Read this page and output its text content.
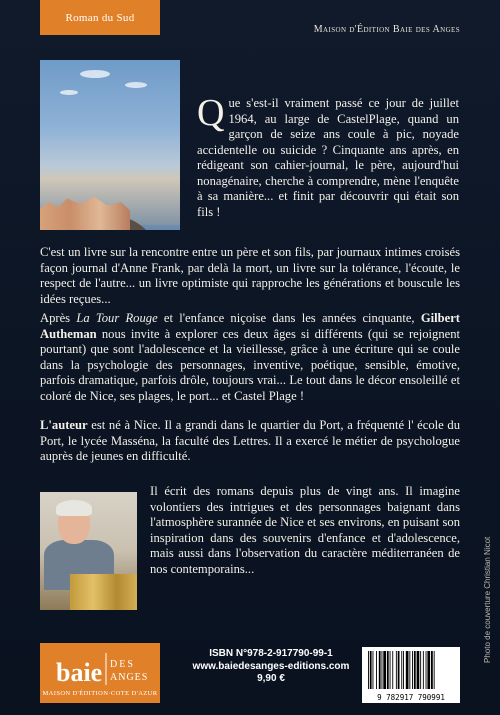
Roman du Sud
Maison d'Édition Baie des Anges
Que s'est-il vraiment passé ce jour de juillet 1964, au large de CastelPlage, quand un garçon de seize ans coule à pic, noyade accidentelle ou suicide ? Cinquante ans après, en rédigeant son cahier-journal, le père, aujourd'hui nonagénaire, cherche à comprendre, mène l'enquête à sa manière... et finit par découvrir qui était son fils !
C'est un livre sur la rencontre entre un père et son fils, par journaux intimes croisés façon journal d'Anne Frank, par delà la mort, un livre sur la tolérance, l'écoute, le respect de l'autre... un livre optimiste qui rapproche les générations et bouscule les idées reçues...
Après La Tour Rouge et l'enfance niçoise dans les années cinquante, Gilbert Autheman nous invite à explorer ces deux âges si différents (qui se rejoignent pourtant) que sont l'adolescence et la vieillesse, grâce à une écriture qui se coule dans la psychologie des personnages, inventive, poétique, sensible, émotive, parfois dramatique, parfois drôle, toujours vrai... Le tout dans le décor ensoleillé et coloré de Nice, ses plages, le port... et Castel Plage !
L'auteur est né à Nice. Il a grandi dans le quartier du Port, a fréquenté l' école du Port, le lycée Masséna, la faculté des Lettres. Il a exercé le métier de psychologue auprès de jeunes en difficulté.
Il écrit des romans depuis plus de vingt ans. Il imagine volontiers des intrigues et des personnages baignant dans l'atmosphère surannée de Nice et ses environs, en puisant son inspiration dans des souvenirs d'enfance et d'adolescence, mais aussi dans l'observation du caractère méditerranéen de nos contemporains...	Photo de couverture Christian Nicot
baie DES
ANGES
MAISON D'ÉDITION·COTE D'AZUR
ISBN N°978-2-917790-99-1
www.baiedesanges-editions.com
9,90 €
9 782917 790991
